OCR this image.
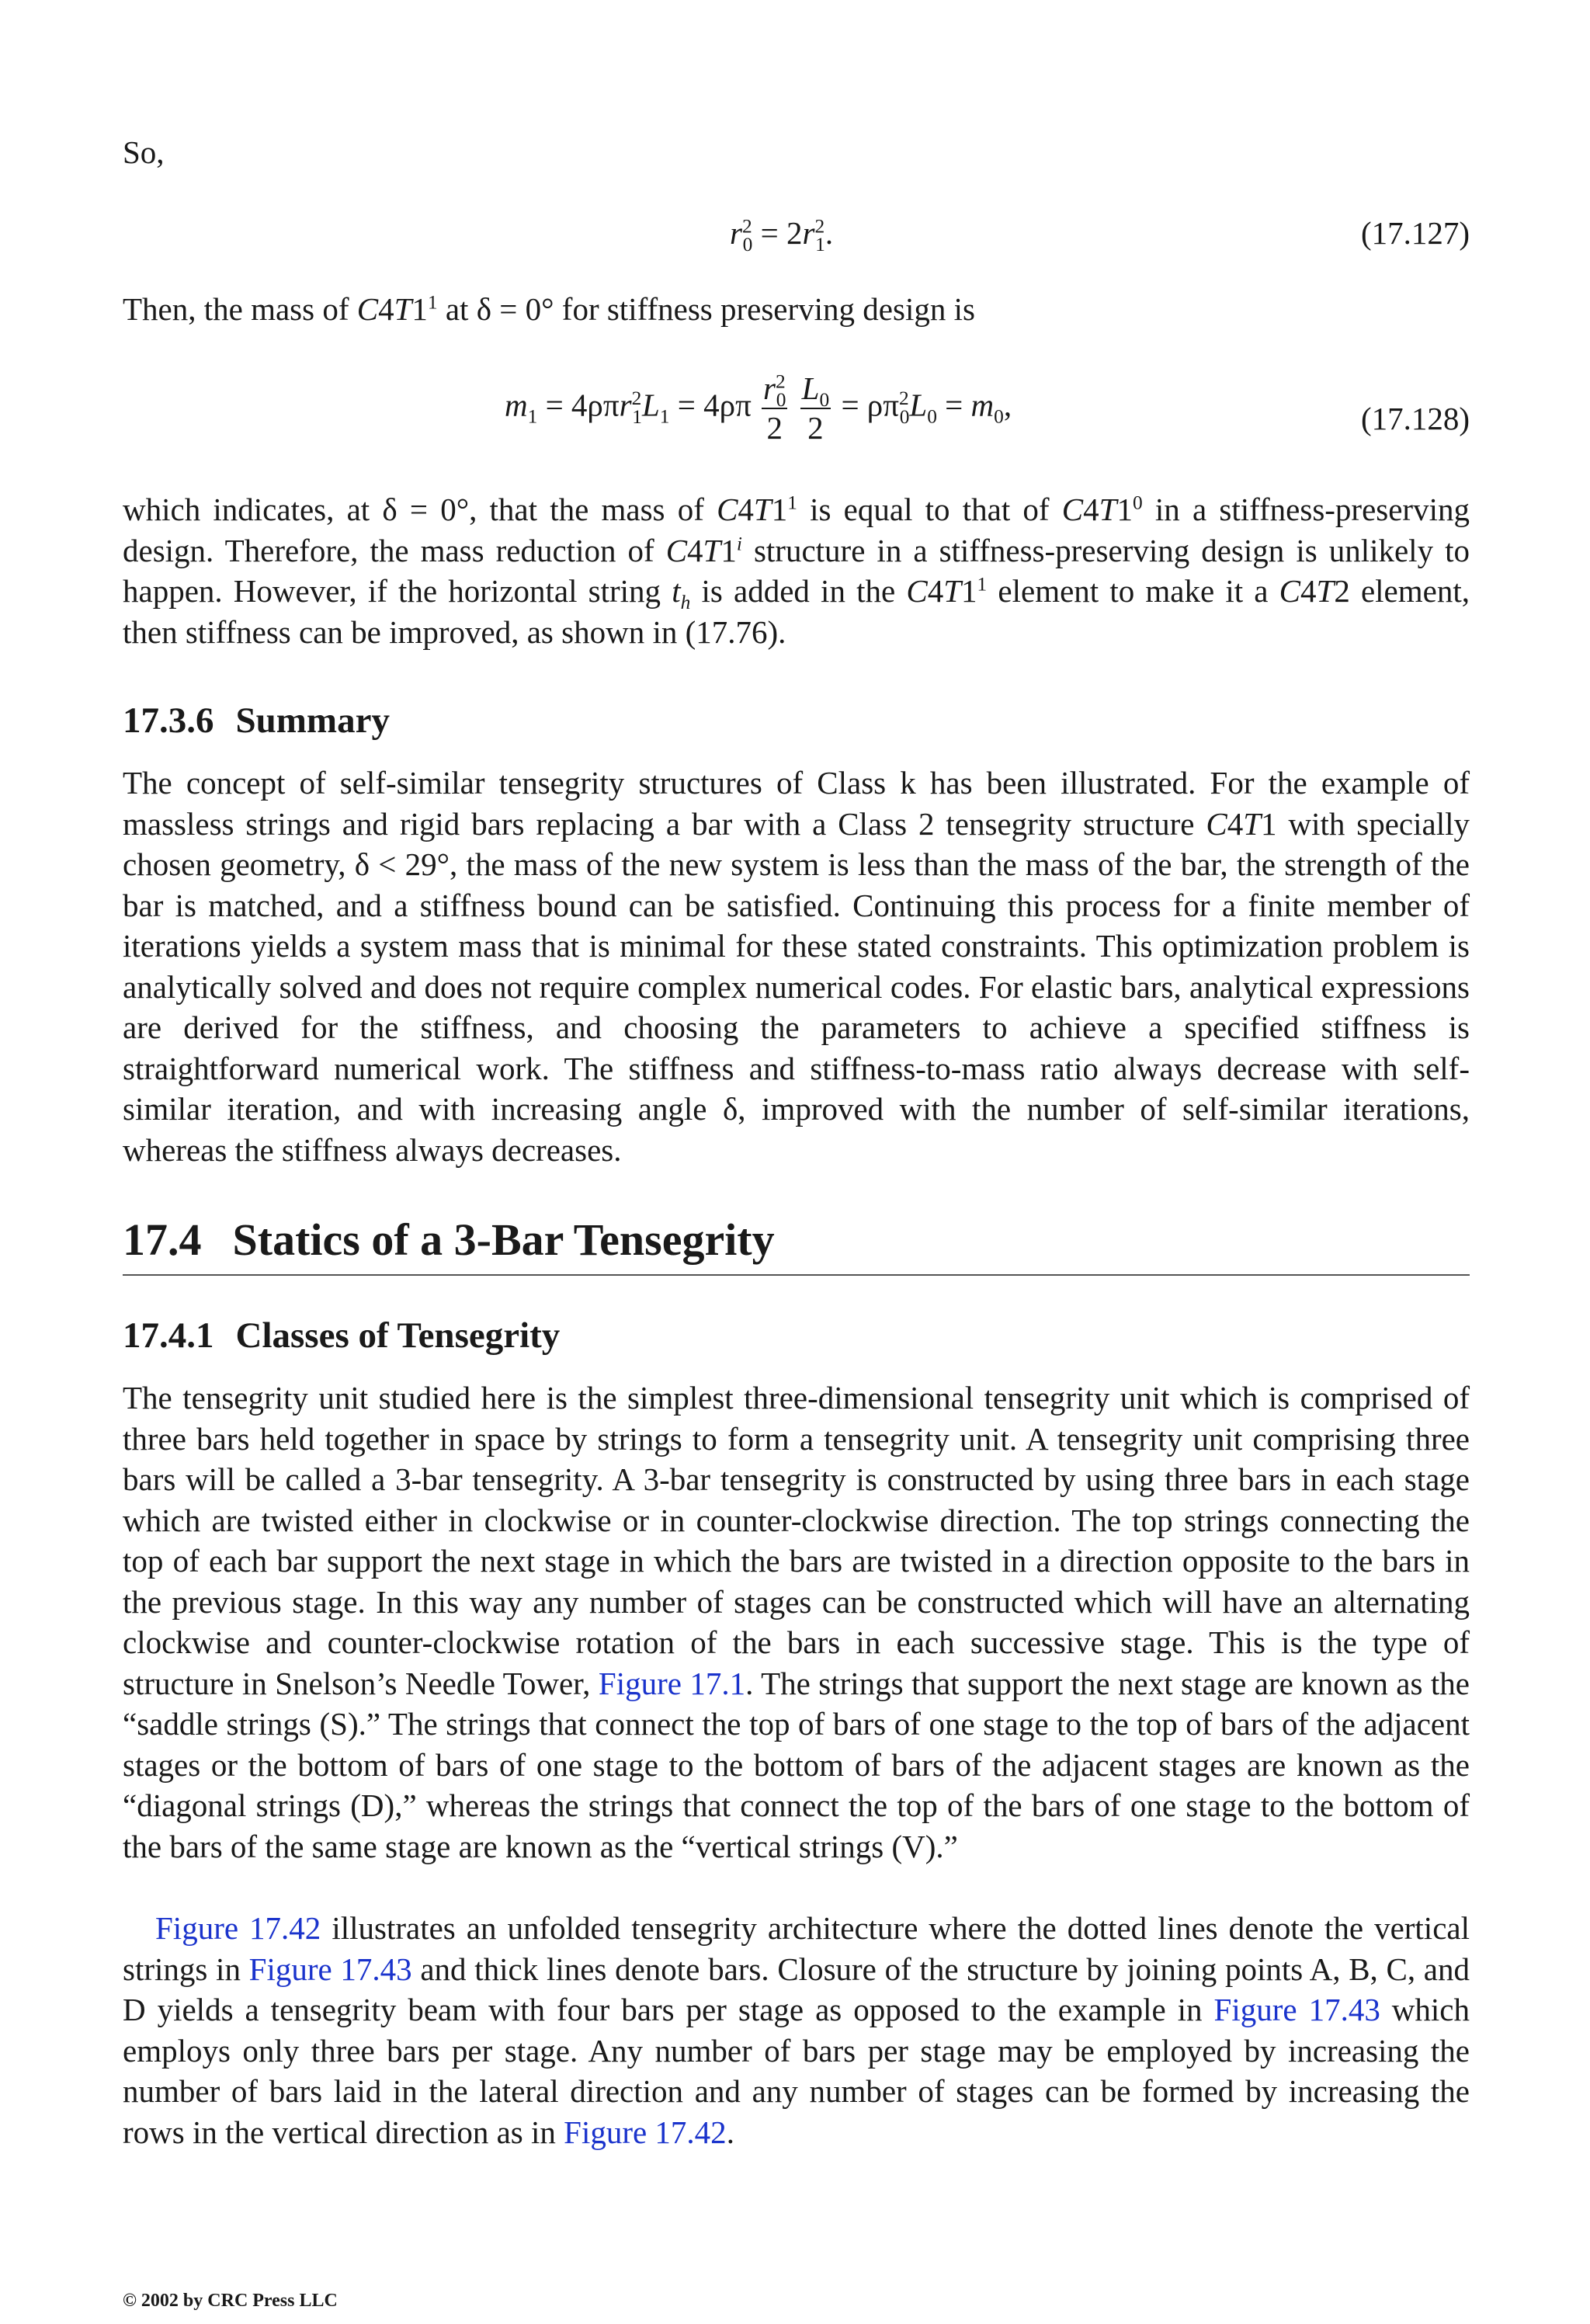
So,

$r^2_0 = 2r^2_1$.	(17.127)

Then, the mass of $C4T1^1$ at δ = 0° for stiffness preserving design is

$m_1 = 4\rho\pi r^2_1L_1 = 4\rho\pi \frac{r^2_0}{2}$
$\frac{L_0}{2} = \rho\pi^2_0L_0 = m_0$,	(17.128)

which indicates, at δ = 0°, that the mass of $C4T1^1$ is equal to that of $C4T1^0$ in a stiffness-preserving design. Therefore, the mass reduction of C4T1$^i$ structure in a stiffness-preserving design is unlikely to happen. However, if the horizontal string $t_h$ is added in the $C4T1^1$ element to make it a C4T2 element, then stiffness can be improved, as shown in (17.76).

17.3.6 Summary

The concept of self-similar tensegrity structures of Class k has been illustrated. For the example of massless strings and rigid bars replacing a bar with a Class 2 tensegrity structure C4T1 with specially chosen geometry, δ < 29°, the mass of the new system is less than the mass of the bar, the strength of the bar is matched, and a stiffness bound can be satisfied. Continuing this process for a finite member of iterations yields a system mass that is minimal for these stated constraints. This optimization problem is analytically solved and does not require complex numerical codes. For elastic bars, analytical expressions are derived for the stiffness, and choosing the parameters to achieve a specified stiffness is straightforward numerical work. The stiffness and stiffness-to-mass ratio always decrease with self-similar iteration, and with increasing angle δ, improved with the number of self-similar iterations, whereas the stiffness always decreases.

17.4 Statics of a 3-Bar Tensegrity
17.4.1 Classes of Tensegrity

The tensegrity unit studied here is the simplest three-dimensional tensegrity unit which is comprised of three bars held together in space by strings to form a tensegrity unit. A tensegrity unit comprising three bars will be called a 3-bar tensegrity. A 3-bar tensegrity is constructed by using three bars in each stage which are twisted either in clockwise or in counter-clockwise direction. The top strings connecting the top of each bar support the next stage in which the bars are twisted in a direction opposite to the bars in the previous stage. In this way any number of stages can be constructed which will have an alternating clockwise and counter-clockwise rotation of the bars in each successive stage. This is the type of structure in Snelson’s Needle Tower, Figure 17.1. The strings that support the next stage are known as the “saddle strings (S).” The strings that connect the top of bars of one stage to the top of bars of the adjacent stages or the bottom of bars of one stage to the bottom of bars of the adjacent stages are known as the “diagonal strings (D),” whereas the strings that connect the top of the bars of one stage to the bottom of the bars of the same stage are known as the “vertical strings (V).”

Figure 17.42 illustrates an unfolded tensegrity architecture where the dotted lines denote the vertical strings in Figure 17.43 and thick lines denote bars. Closure of the structure by joining points A, B, C, and D yields a tensegrity beam with four bars per stage as opposed to the example in Figure 17.43 which employs only three bars per stage. Any number of bars per stage may be employed by increasing the number of bars laid in the lateral direction and any number of stages can be formed by increasing the rows in the vertical direction as in Figure 17.42.

© 2002 by CRC Press LLC
